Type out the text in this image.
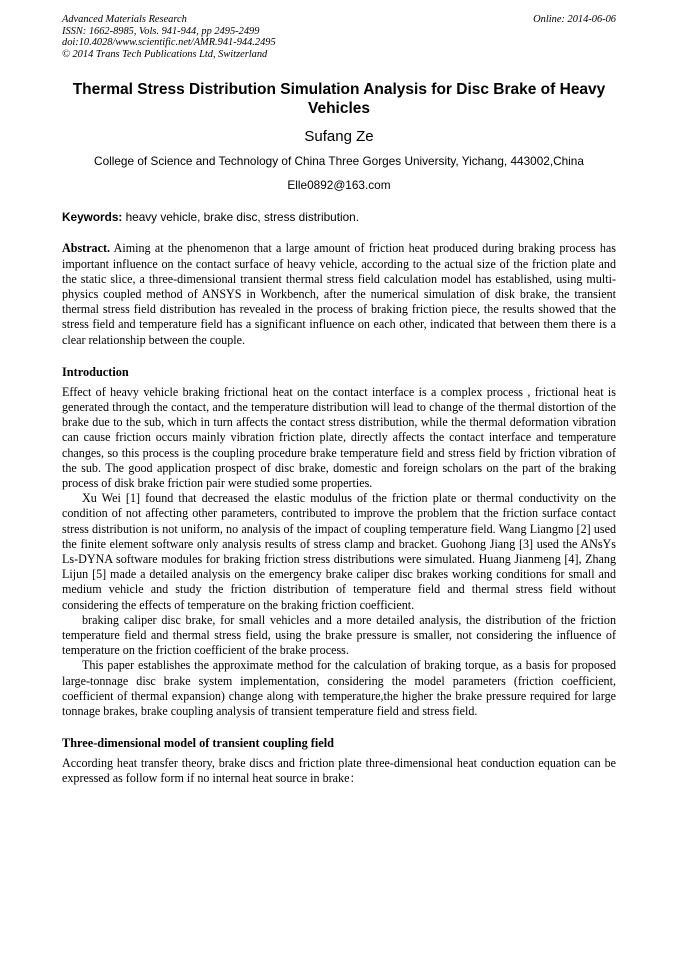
Advanced Materials Research
ISSN: 1662-8985, Vols. 941-944, pp 2495-2499
doi:10.4028/www.scientific.net/AMR.941-944.2495
© 2014 Trans Tech Publications Ltd, Switzerland
Online: 2014-06-06
Thermal Stress Distribution Simulation Analysis for Disc Brake of Heavy Vehicles
Sufang Ze
College of Science and Technology of China Three Gorges University, Yichang, 443002,China
Elle0892@163.com
Keywords: heavy vehicle, brake disc, stress distribution.
Abstract. Aiming at the phenomenon that a large amount of friction heat produced during braking process has important influence on the contact surface of heavy vehicle, according to the actual size of the friction plate and the static slice, a three-dimensional transient thermal stress field calculation model has established, using multi-physics coupled method of ANSYS in Workbench, after the numerical simulation of disk brake, the transient thermal stress field distribution has revealed in the process of braking friction piece, the results showed that the stress field and temperature field has a significant influence on each other, indicated that between them there is a clear relationship between the couple.
Introduction

Effect of heavy vehicle braking frictional heat on the contact interface is a complex process , frictional heat is generated through the contact, and the temperature distribution will lead to change of the thermal distortion of the brake due to the sub, which in turn affects the contact stress distribution, while the thermal deformation vibration can cause friction occurs mainly vibration friction plate, directly affects the contact interface and temperature changes, so this process is the coupling procedure brake temperature field and stress field by friction vibration of the sub. The good application prospect of disc brake, domestic and foreign scholars on the part of the braking process of disk brake friction pair were studied some properties.

Xu Wei [1] found that decreased the elastic modulus of the friction plate or thermal conductivity on the condition of not affecting other parameters, contributed to improve the problem that the friction surface contact stress distribution is not uniform, no analysis of the impact of coupling temperature field. Wang Liangmo [2] used the finite element software only analysis results of stress clamp and bracket. Guohong Jiang [3] used the ANsYs Ls-DYNA software modules for braking friction stress distributions were simulated. Huang Jianmeng [4], Zhang Lijun [5] made a detailed analysis on the emergency brake caliper disc brakes working conditions for small and medium vehicle and study the friction distribution of temperature field and thermal stress field without considering the effects of temperature on the braking friction coefficient.

braking caliper disc brake, for small vehicles and a more detailed analysis, the distribution of the friction temperature field and thermal stress field, using the brake pressure is smaller, not considering the influence of temperature on the friction coefficient of the brake process.

This paper establishes the approximate method for the calculation of braking torque, as a basis for proposed large-tonnage disc brake system implementation, considering the model parameters (friction coefficient, coefficient of thermal expansion) change along with temperature,the higher the brake pressure required for large tonnage brakes, brake coupling analysis of transient temperature field and stress field.

Three-dimensional model of transient coupling field

According heat transfer theory, brake discs and friction plate three-dimensional heat conduction equation can be expressed as follow form if no internal heat source in brake：
